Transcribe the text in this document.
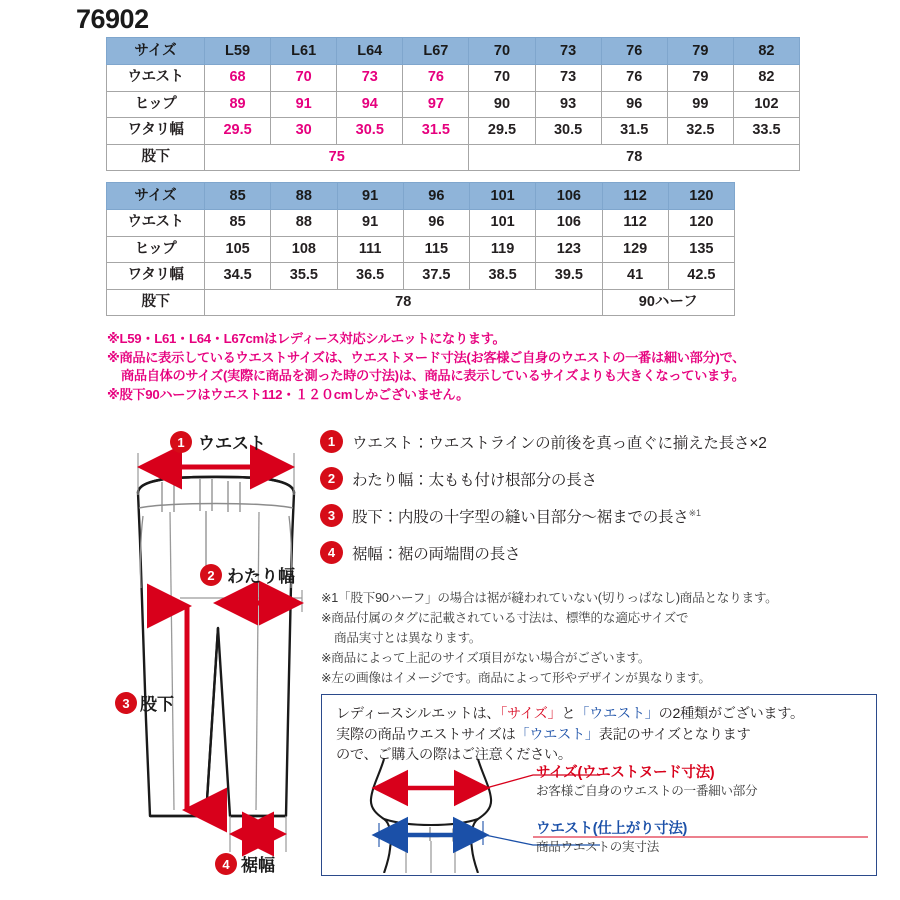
76902
サイズ	L59	L61	L64	L67	70	73	76	79	82
ウエスト	68	70	73	76	70	73	76	79	82
ヒップ	89	91	94	97	90	93	96	99	102
ワタリ幅	29.5	30	30.5	31.5	29.5	30.5	31.5	32.5	33.5
股下	75				78				
サイズ	85	88	91	96	101	106	112	120
ウエスト	85	88	91	96	101	106	112	120
ヒップ	105	108	111	115	119	123	129	135
ワタリ幅	34.5	35.5	36.5	37.5	38.5	39.5	41	42.5
股下	78						90ハーフ	
※L59・L61・L64・L67cmはレディース対応シルエットになります。
※商品に表示しているウエストサイズは、ウエストヌード寸法(お客様ご自身のウエストの一番は細い部分)で、
商品自体のサイズ(実際に商品を測った時の寸法)は、商品に表示しているサイズよりも大きくなっています。
※股下90ハーフはウエスト112・１２０cmしかございません。
1 ウエスト
2 わたり幅
3 股下
4 裾幅
1	ウエスト：ウエストラインの前後を真っ直ぐに揃えた長さ×2
2	わたり幅：太もも付け根部分の長さ
3	股下：内股の十字型の縫い目部分～裾までの長さ$^{※1}$
4	裾幅：裾の両端間の長さ
※1「股下90ハーフ」の場合は裾が縫われていない(切りっぱなし)商品となります。
※商品付属のタグに記載されている寸法は、標準的な適応サイズで
商品実寸とは異なります。
※商品によって上記のサイズ項目がない場合がございます。
※左の画像はイメージです。商品によって形やデザインが異なります。
レディースシルエットは、「サイズ」と「ウエスト」の2種類がございます。
実際の商品ウエストサイズは「ウエスト」表記のサイズとなります
ので、ご購入の際はご注意ください。
サイズ(ウエストヌード寸法)
お客様ご自身のウエストの一番細い部分
ウエスト(仕上がり寸法)
商品ウエストの実寸法
